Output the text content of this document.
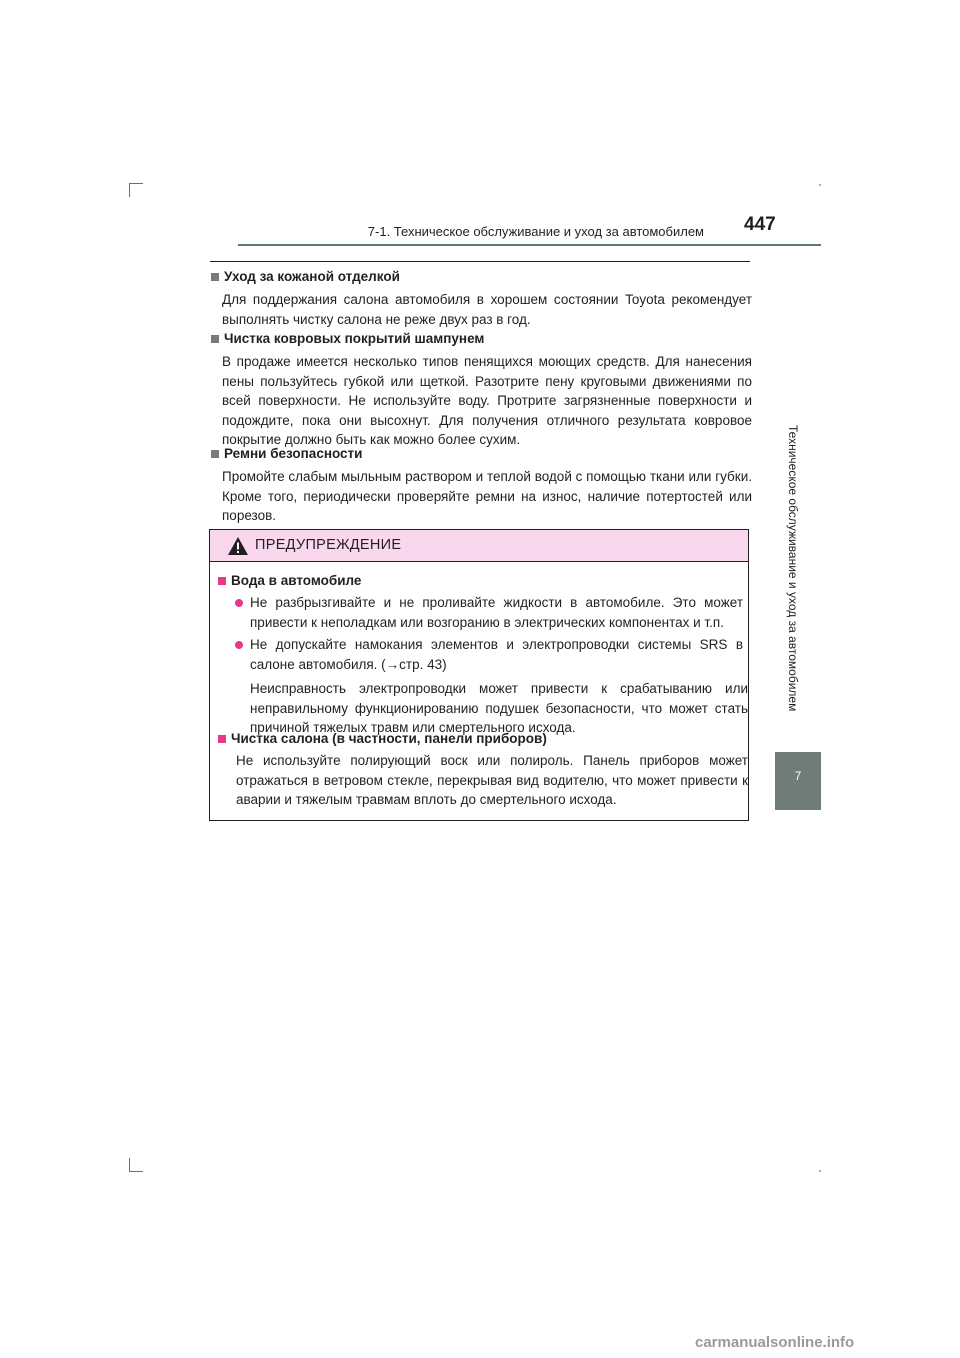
7-1. Техническое обслуживание и уход за автомобилем 447
Техническое обслуживание и уход за автомобилем
7
Уход за кожаной отделкой
Для поддержания салона автомобиля в хорошем состоянии Toyota рекомендует выполнять чистку салона не реже двух раз в год.
Чистка ковровых покрытий шампунем
В продаже имеется несколько типов пенящихся моющих средств. Для нанесения пены пользуйтесь губкой или щеткой. Разотрите пену круговыми движениями по всей поверхности. Не используйте воду. Протрите загрязненные поверхности и подождите, пока они высохнут. Для получения отличного результата ковровое покрытие должно быть как можно более сухим.
Ремни безопасности
Промойте слабым мыльным раствором и теплой водой с помощью ткани или губки. Кроме того, периодически проверяйте ремни на износ, наличие потертостей или порезов.
ПРЕДУПРЕЖДЕНИЕ
Вода в автомобиле
Не разбрызгивайте и не проливайте жидкости в автомобиле. Это может привести к неполадкам или возгоранию в электрических компонентах и т.п.
Не допускайте намокания элементов и электропроводки системы SRS в салоне автомобиля. (→стр. 43)
Неисправность электропроводки может привести к срабатыванию или неправильному функционированию подушек безопасности, что может стать причиной тяжелых травм или смертельного исхода.
Чистка салона (в частности, панели приборов)
Не используйте полирующий воск или полироль. Панель приборов может отражаться в ветровом стекле, перекрывая вид водителю, что может привести к аварии и тяжелым травмам вплоть до смертельного исхода.
carmanualsonline.info
